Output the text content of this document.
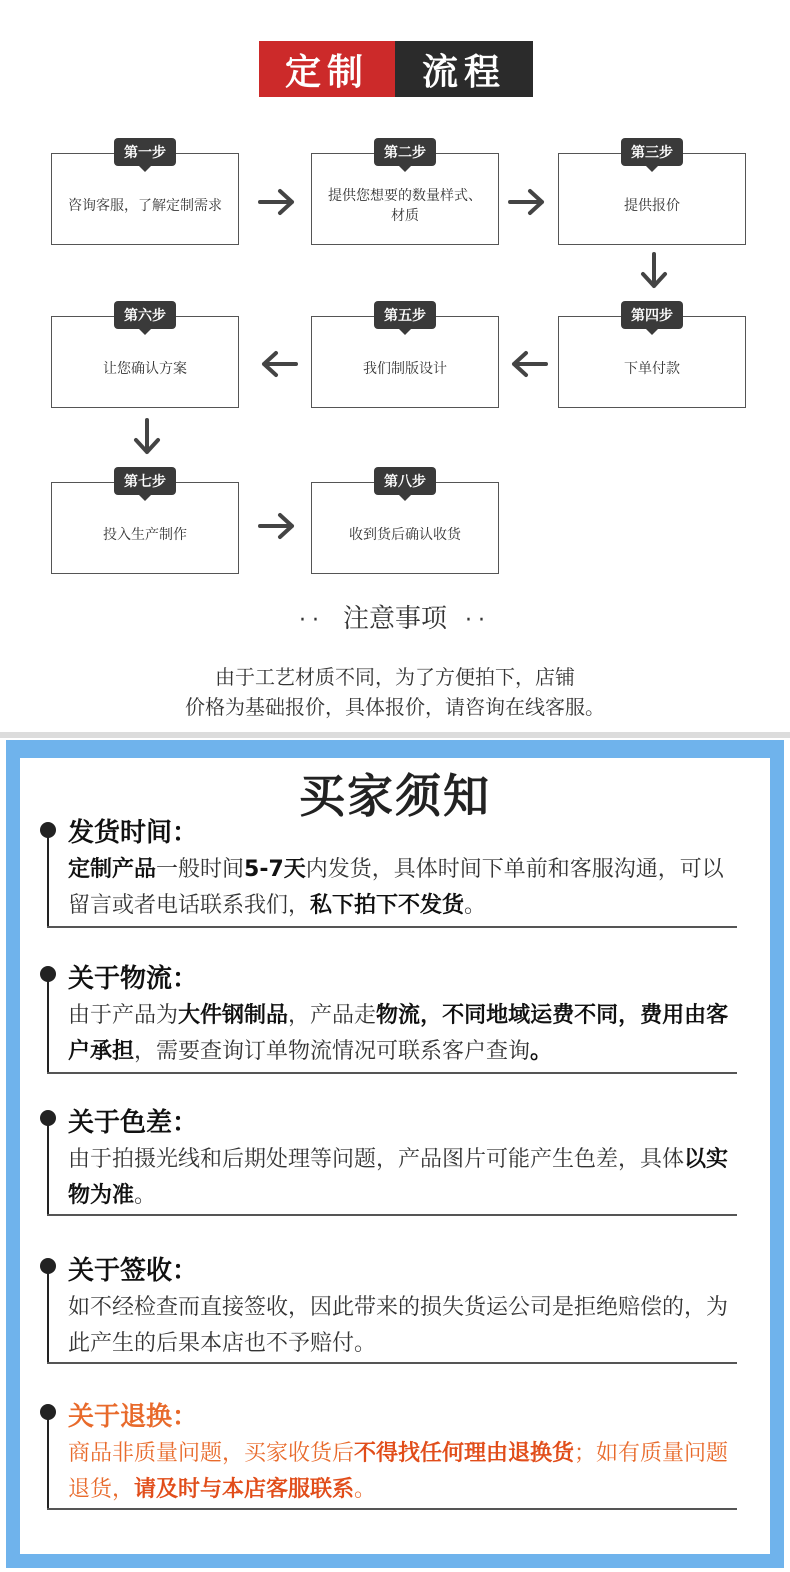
定制 流程
第一步
咨询客服，了解定制需求
第二步
提供您想要的数量样式、材质
第三步
提供报价
第四步
下单付款
第五步
我们制版设计
第六步
让您确认方案
第七步
投入生产制作
第八步
收到货后确认收货
·· 注意事项 ··
由于工艺材质不同，为了方便拍下，店铺
价格为基础报价，具体报价，请咨询在线客服。
买家须知
发货时间：
定制产品一般时间5-7天内发货，具体时间下单前和客服沟通，可以留言或者电话联系我们，私下拍下不发货。
关于物流：
由于产品为大件钢制品，产品走物流，不同地域运费不同，费用由客户承担，需要查询订单物流情况可联系客户查询。
关于色差：
由于拍摄光线和后期处理等问题，产品图片可能产生色差，具体以实物为准。
关于签收：
如不经检查而直接签收，因此带来的损失货运公司是拒绝赔偿的，为此产生的后果本店也不予赔付。
关于退换：
商品非质量问题，买家收货后不得找任何理由退换货；如有质量问题退货，请及时与本店客服联系。
